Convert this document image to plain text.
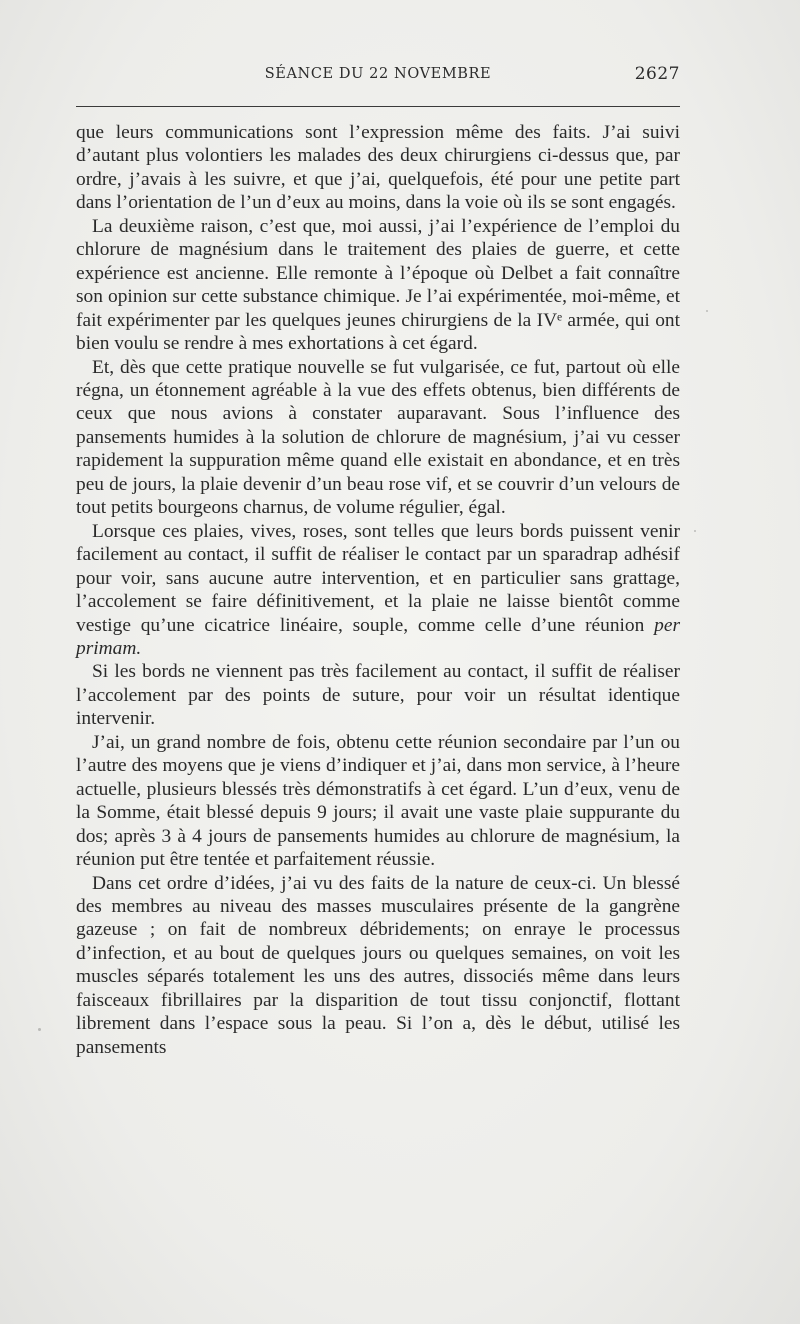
SÉANCE DU 22 NOVEMBRE	2627

que leurs communications sont l’expression même des faits. J’ai suivi d’autant plus volontiers les malades des deux chirurgiens ci-dessus que, par ordre, j’avais à les suivre, et que j’ai, quelquefois, été pour une petite part dans l’orientation de l’un d’eux au moins, dans la voie où ils se sont engagés.

La deuxième raison, c’est que, moi aussi, j’ai l’expérience de l’emploi du chlorure de magnésium dans le traitement des plaies de guerre, et cette expérience est ancienne. Elle remonte à l’époque où Delbet a fait connaître son opinion sur cette substance chimique. Je l’ai expérimentée, moi-même, et fait expérimenter par les quelques jeunes chirurgiens de la IVᵉ armée, qui ont bien voulu se rendre à mes exhortations à cet égard.

Et, dès que cette pratique nouvelle se fut vulgarisée, ce fut, partout où elle régna, un étonnement agréable à la vue des effets obtenus, bien différents de ceux que nous avions à constater auparavant. Sous l’influence des pansements humides à la solution de chlorure de magnésium, j’ai vu cesser rapidement la suppuration même quand elle existait en abondance, et en très peu de jours, la plaie devenir d’un beau rose vif, et se couvrir d’un velours de tout petits bourgeons charnus, de volume régulier, égal.

Lorsque ces plaies, vives, roses, sont telles que leurs bords puissent venir facilement au contact, il suffit de réaliser le contact par un sparadrap adhésif pour voir, sans aucune autre intervention, et en particulier sans grattage, l’accolement se faire définitivement, et la plaie ne laisse bientôt comme vestige qu’une cicatrice linéaire, souple, comme celle d’une réunion per primam.

Si les bords ne viennent pas très facilement au contact, il suffit de réaliser l’accolement par des points de suture, pour voir un résultat identique intervenir.

J’ai, un grand nombre de fois, obtenu cette réunion secondaire par l’un ou l’autre des moyens que je viens d’indiquer et j’ai, dans mon service, à l’heure actuelle, plusieurs blessés très démonstratifs à cet égard. L’un d’eux, venu de la Somme, était blessé depuis 9 jours; il avait une vaste plaie suppurante du dos; après 3 à 4 jours de pansements humides au chlorure de magnésium, la réunion put être tentée et parfaitement réussie.

Dans cet ordre d’idées, j’ai vu des faits de la nature de ceux-ci. Un blessé des membres au niveau des masses musculaires présente de la gangrène gazeuse ; on fait de nombreux débridements; on enraye le processus d’infection, et au bout de quelques jours ou quelques semaines, on voit les muscles séparés totalement les uns des autres, dissociés même dans leurs faisceaux fibrillaires par la disparition de tout tissu conjonctif, flottant librement dans l’espace sous la peau. Si l’on a, dès le début, utilisé les pansements
